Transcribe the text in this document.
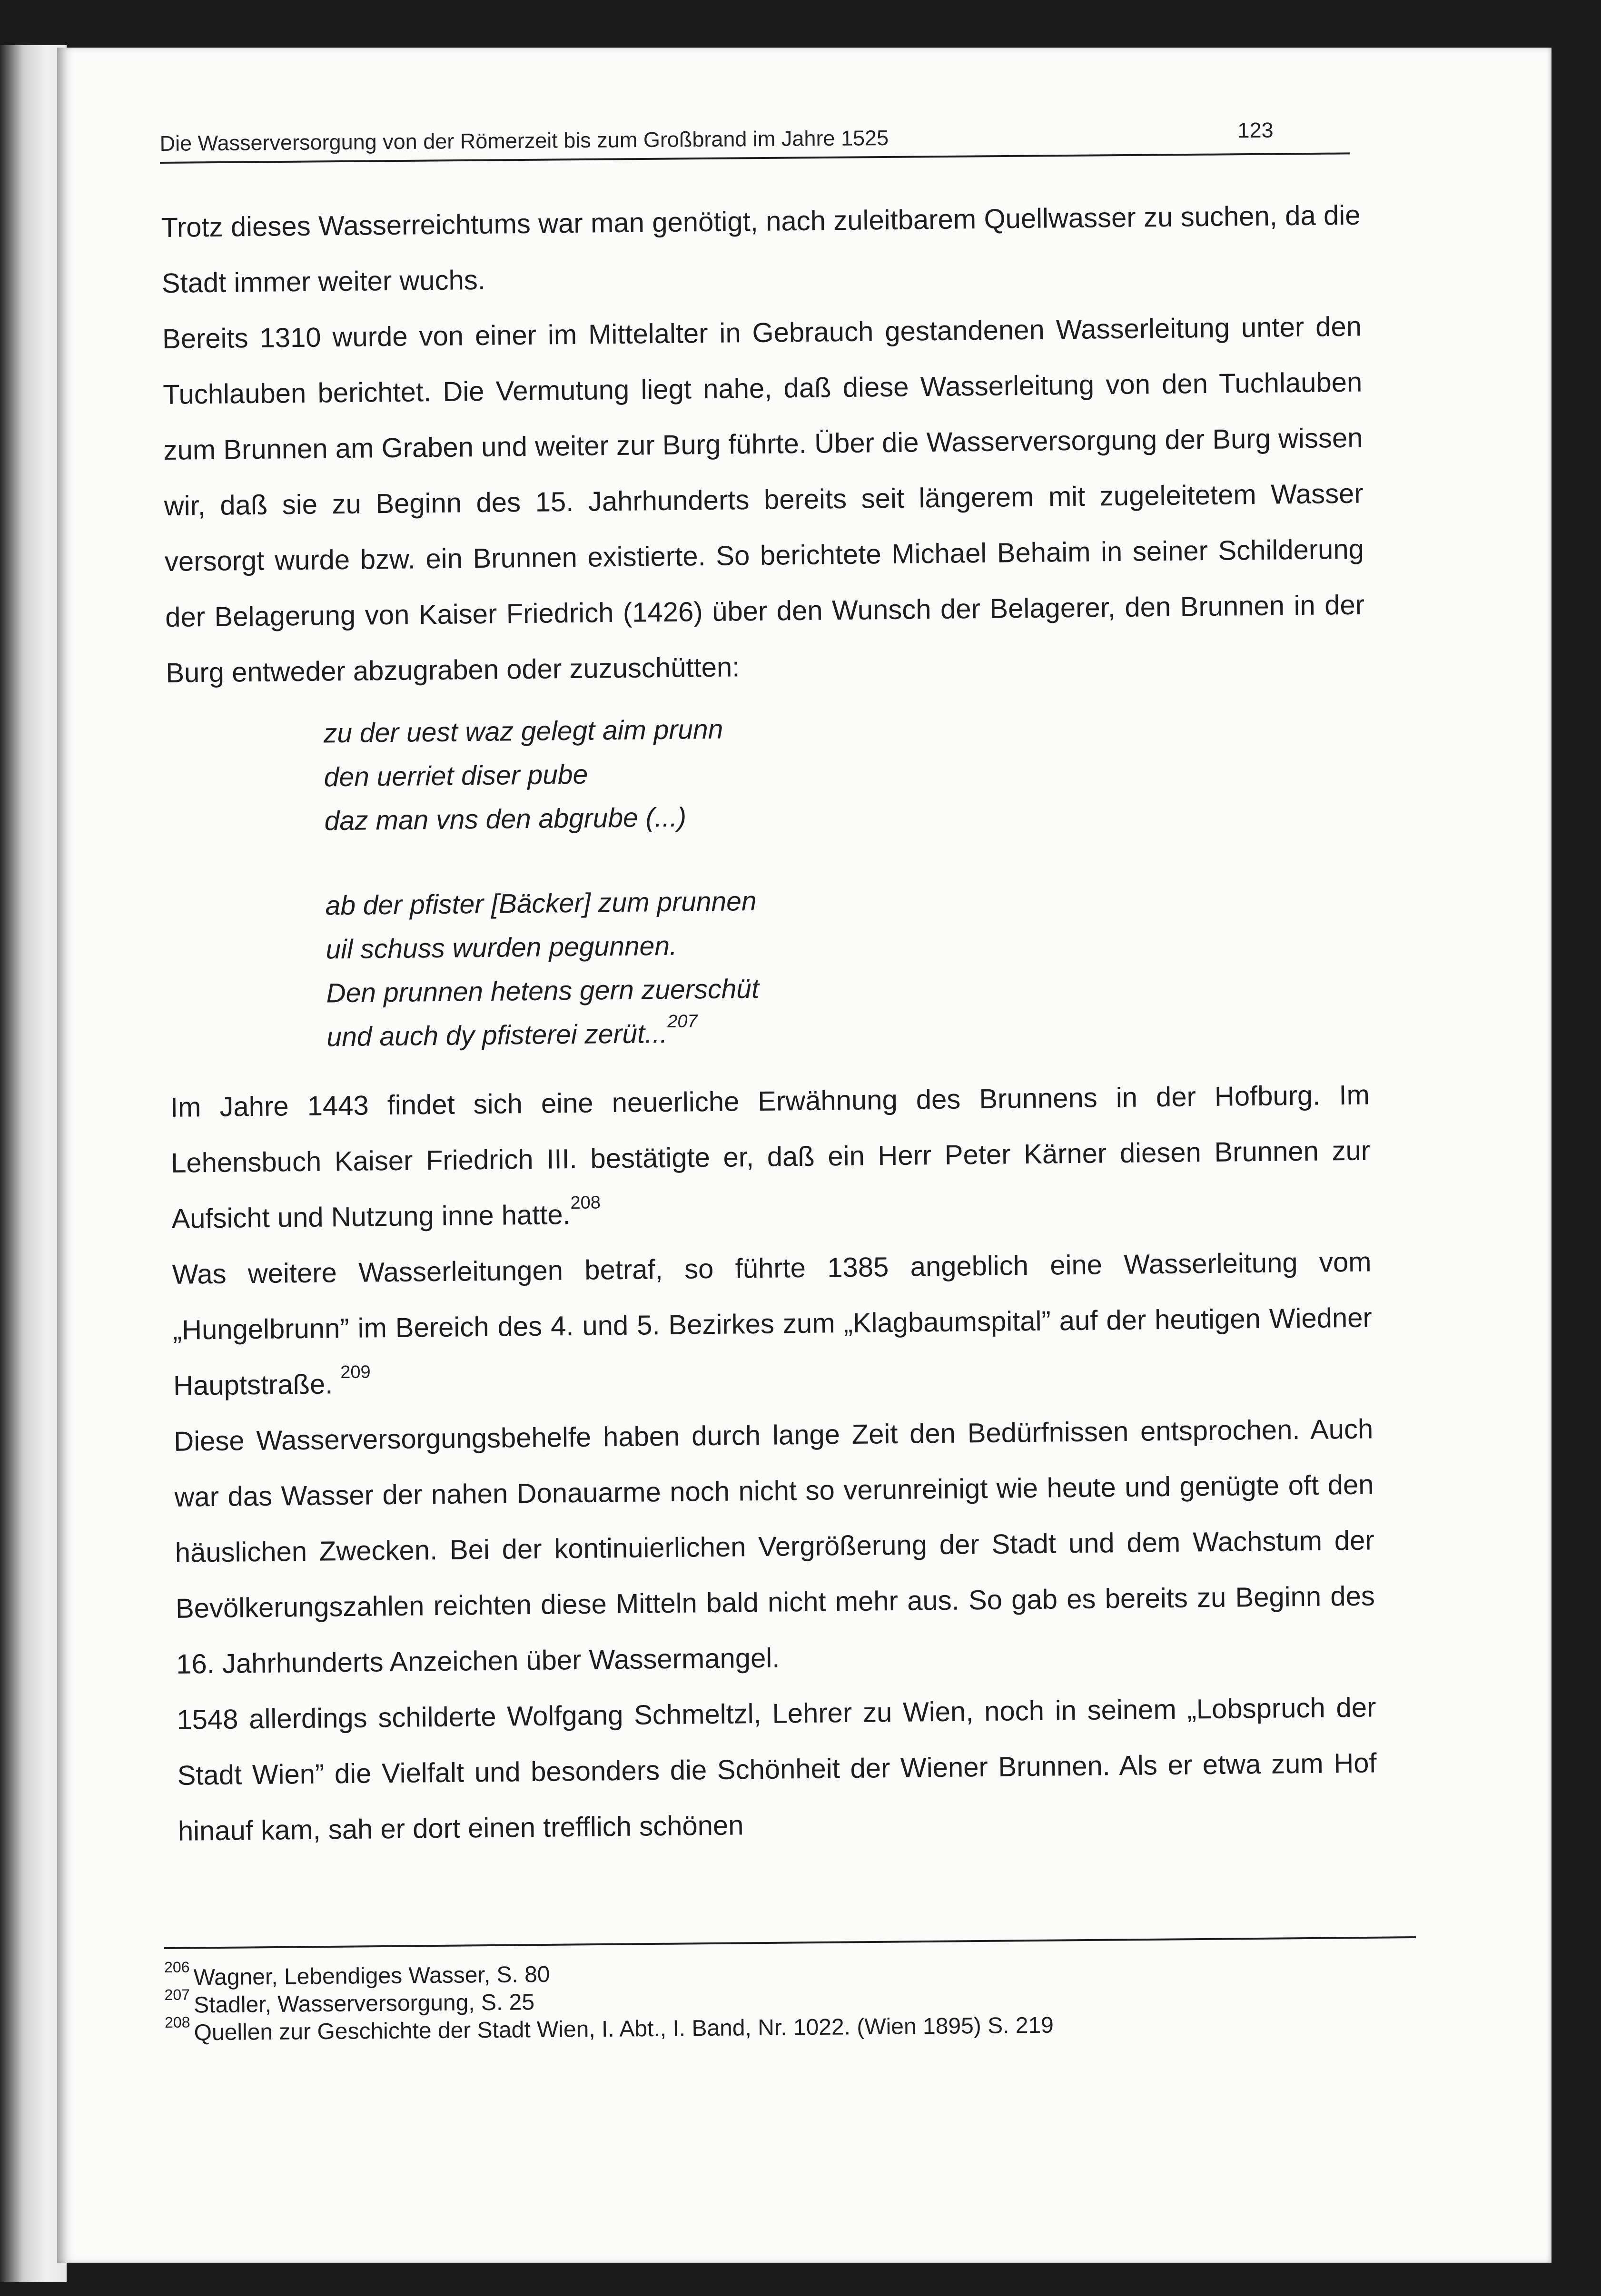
Die Wasserversorgung von der Römerzeit bis zum Großbrand im Jahre 1525	123

Trotz dieses Wasserreichtums war man genötigt, nach zuleitbarem Quellwasser zu suchen, da die Stadt immer weiter wuchs.

Bereits 1310 wurde von einer im Mittelalter in Gebrauch gestandenen Wasserleitung unter den Tuchlauben berichtet. Die Vermutung liegt nahe, daß diese Wasserleitung von den Tuchlauben zum Brunnen am Graben und weiter zur Burg führte. Über die Wasserversorgung der Burg wissen wir, daß sie zu Beginn des 15. Jahrhunderts bereits seit längerem mit zugeleitetem Wasser versorgt wurde bzw. ein Brunnen existierte. So berichtete Michael Behaim in seiner Schilderung der Belagerung von Kaiser Friedrich (1426) über den Wunsch der Belagerer, den Brunnen in der Burg entweder abzugraben oder zuzuschütten:

zu der uest waz gelegt aim prunn

den uerriet diser pube

daz man vns den abgrube (...)

ab der pfister [Bäcker] zum prunnen

uil schuss wurden pegunnen.

Den prunnen hetens gern zuerschüt

und auch dy pfisterei zerüt...$^{207}$

Im Jahre 1443 findet sich eine neuerliche Erwähnung des Brunnens in der Hofburg. Im Lehensbuch Kaiser Friedrich III. bestätigte er, daß ein Herr Peter Kärner diesen Brunnen zur Aufsicht und Nutzung inne hatte.$^{208}$

Was weitere Wasserleitungen betraf, so führte 1385 angeblich eine Wasserleitung vom „Hungelbrunn” im Bereich des 4. und 5. Bezirkes zum „Klagbaumspital” auf der heutigen Wiedner Hauptstraße. $^{209}$

Diese Wasserversorgungsbehelfe haben durch lange Zeit den Bedürfnissen entsprochen. Auch war das Wasser der nahen Donauarme noch nicht so verunreinigt wie heute und genügte oft den häuslichen Zwecken. Bei der kontinuierlichen Vergrößerung der Stadt und dem Wachstum der Bevölkerungszahlen reichten diese Mitteln bald nicht mehr aus. So gab es bereits zu Beginn des 16. Jahrhunderts Anzeichen über Wassermangel.

1548 allerdings schilderte Wolfgang Schmeltzl, Lehrer zu Wien, noch in seinem „Lobspruch der Stadt Wien” die Vielfalt und besonders die Schönheit der Wiener Brunnen. Als er etwa zum Hof hinauf kam, sah er dort einen trefflich schönen

$^{206}$ Wagner, Lebendiges Wasser, S. 80

$^{207}$ Stadler, Wasserversorgung, S. 25

$^{208}$ Quellen zur Geschichte der Stadt Wien, I. Abt., I. Band, Nr. 1022. (Wien 1895) S. 219
